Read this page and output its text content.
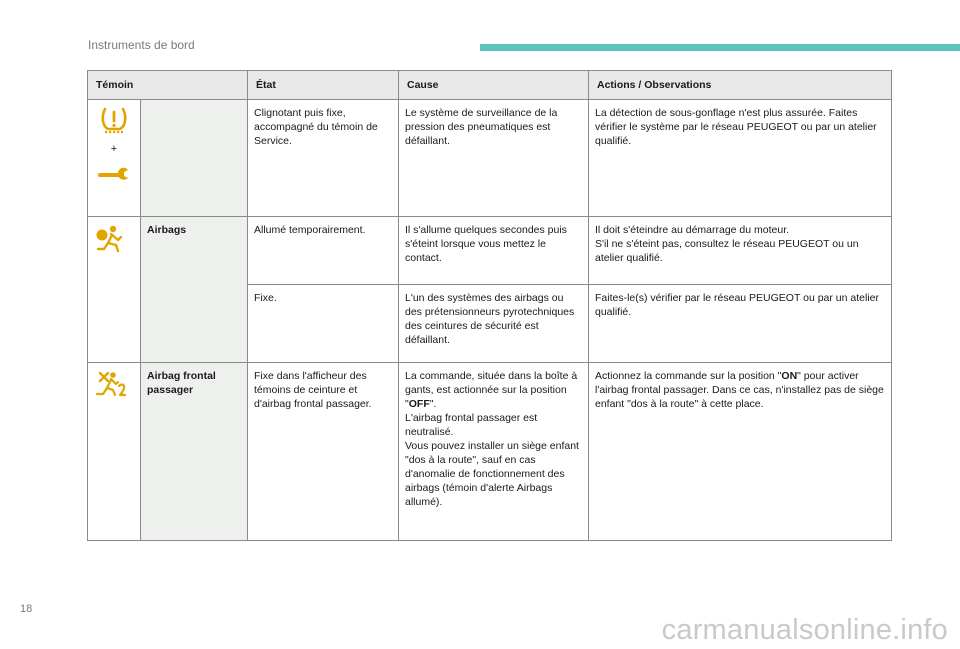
Instruments de bord
Témoin		État	Cause	Actions / Observations

+		Clignotant puis fixe, accompagné du témoin de Service.	Le système de surveillance de la pression des pneumatiques est défaillant.	La détection de sous-gonflage n'est plus assurée. Faites vérifier le système par le réseau PEUGEOT ou par un atelier qualifié.

	Airbags	Allumé temporairement.	Il s'allume quelques secondes puis s'éteint lorsque vous mettez le contact.	Il doit s'éteindre au démarrage du moteur.
S'il ne s'éteint pas, consultez le réseau PEUGEOT ou un atelier qualifié.

		Fixe.	L'un des systèmes des airbags ou des prétensionneurs pyrotechniques des ceintures de sécurité est défaillant.	Faites-le(s) vérifier par le réseau PEUGEOT ou par un atelier qualifié.

	Airbag frontal passager	Fixe dans l'afficheur des témoins de ceinture et d'airbag frontal passager.	La commande, située dans la boîte à gants, est actionnée sur la position "OFF".
L'airbag frontal passager est neutralisé.
Vous pouvez installer un siège enfant "dos à la route", sauf en cas d'anomalie de fonctionnement des airbags (témoin d'alerte Airbags allumé).	Actionnez la commande sur la position "ON" pour activer l'airbag frontal passager. Dans ce cas, n'installez pas de siège enfant "dos à la route" à cette place.
18
carmanualsonline.info
